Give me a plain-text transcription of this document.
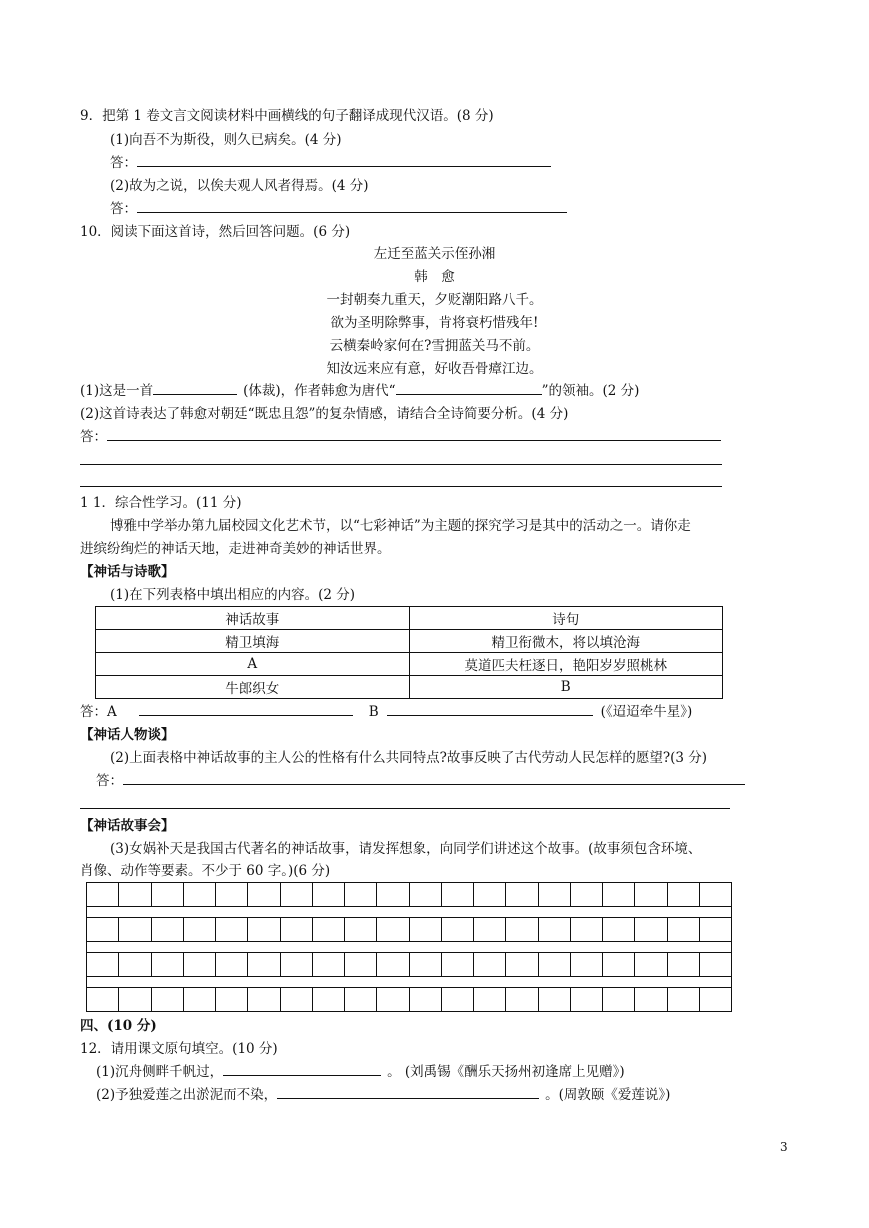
9．把第 1 卷文言文阅读材料中画横线的句子翻译成现代汉语。(8 分)
(1)向吾不为斯役，则久已病矣。(4 分)
答：
(2)故为之说，以俟夫观人风者得焉。(4 分)
答：
10．阅读下面这首诗，然后回答问题。(6 分)
左迁至蓝关示侄孙湘
韩　愈
一封朝奏九重天，夕贬潮阳路八千。
欲为圣明除弊事，肯将衰朽惜残年!
云横秦岭家何在?雪拥蓝关马不前。
知汝远来应有意，好收吾骨瘴江边。
(1)这是一首	(体裁)，作者韩愈为唐代“	”的领袖。(2 分)
(2)这首诗表达了韩愈对朝廷“既忠且怨”的复杂情感，请结合全诗简要分析。(4 分)
答：
1 1．综合性学习。(11 分)
博雅中学举办第九届校园文化艺术节，以“七彩神话”为主题的探究学习是其中的活动之一。请你走
进缤纷绚烂的神话天地，走进神奇美妙的神话世界。
【神话与诗歌】
(1)在下列表格中填出相应的内容。(2 分)
神话故事	诗句
精卫填海	精卫衔微木，将以填沧海
A	莫道匹夫枉逐日，艳阳岁岁照桃林
牛郎织女	B
答：A	B	(《迢迢牵牛星》)
【神话人物谈】
(2)上面表格中神话故事的主人公的性格有什么共同特点?故事反映了古代劳动人民怎样的愿望?(3 分)
答：
【神话故事会】
(3)女娲补天是我国古代著名的神话故事，请发挥想象，向同学们讲述这个故事。(故事须包含环境、
肖像、动作等要素。不少于 60 字。)(6 分)
四、(10 分)
12．请用课文原句填空。(10 分)
(1)沉舟侧畔千帆过，	。 (刘禹锡《酬乐天扬州初逢席上见赠》)
(2)予独爱莲之出淤泥而不染，	。(周敦颐《爱莲说》)
3
